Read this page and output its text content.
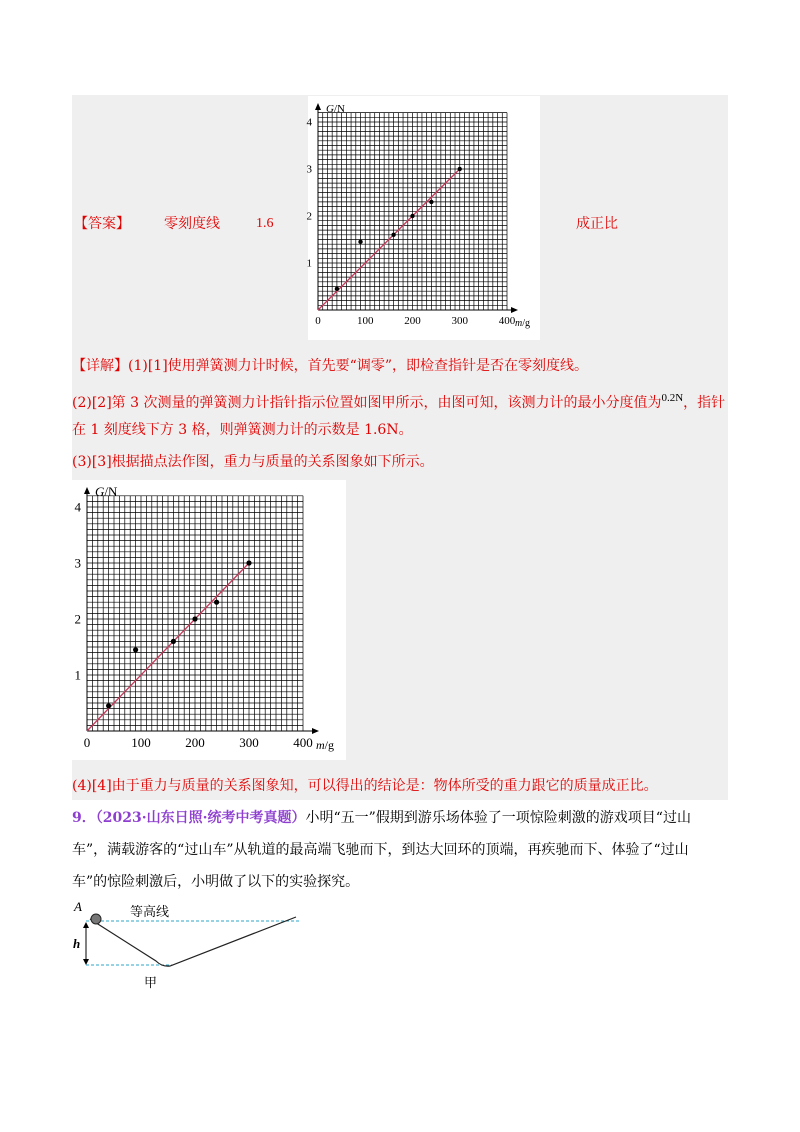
【答案】 零刻度线	1.6	成正比
0	100	200	300	400
1
2
3
4
G/N
m/g
【详解】(1)[1]使用弹簧测力计时候，首先要“调零”，即检查指针是否在零刻度线。
(2)[2]第 3 次测量的弹簧测力计指针指示位置如图甲所示，由图可知，该测力计的最小分度值为$^{0.2N}$，指针
在 1 刻度线下方 3 格，则弹簧测力计的示数是 1.6N。
(3)[3]根据描点法作图，重力与质量的关系图象如下所示。
0	100	200	300	400
1
2
3
4
G/N
m/g
(4)[4]由于重力与质量的关系图象知，可以得出的结论是：物体所受的重力跟它的质量成正比。
9．（2023·山东日照·统考中考真题）小明“五一”假期到游乐场体验了一项惊险刺激的游戏项目“过山
车”，满载游客的“过山车”从轨道的最高端飞驰而下，到达大回环的顶端，再疾驰而下、体验了“过山
车”的惊险刺激后，小明做了以下的实验探究。
A
h
等高线
甲
